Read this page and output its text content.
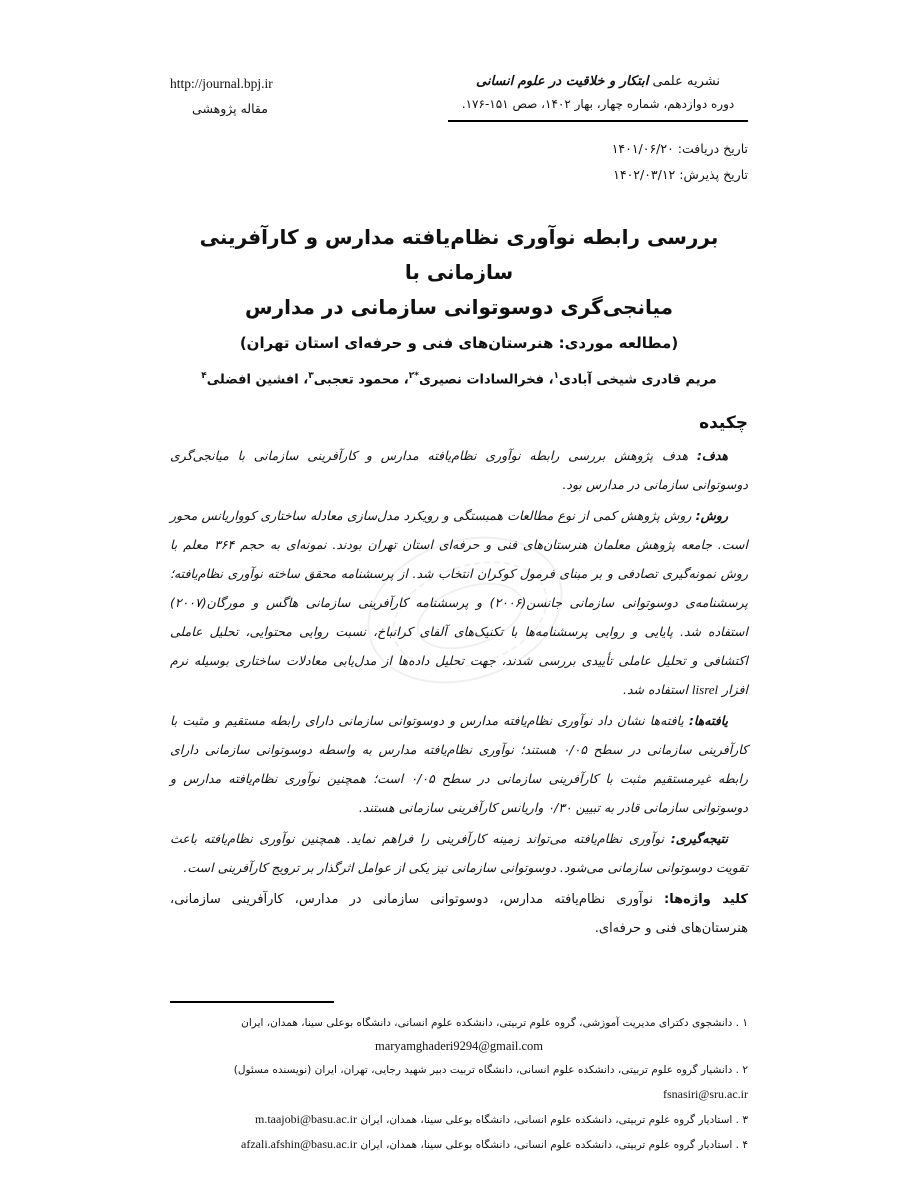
http://journal.bpj.ir
مقاله پژوهشی
نشریه علمی ابتکار و خلاقیت در علوم انسانی
دوره دوازدهم، شماره چهار، بهار ۱۴۰۲، صص ۱۵۱-۱۷۶.
تاریخ دریافت: ۱۴۰۱/۰۶/۲۰
تاریخ پذیرش: ۱۴۰۲/۰۳/۱۲
بررسی رابطه نوآوری نظام‌یافته مدارس و کارآفرینی سازمانی با
میانجی‌گری دوسوتوانی سازمانی در مدارس
(مطالعه موردی: هنرستان‌های فنی و حرفه‌ای استان تهران)
مریم قادری شیخی آبادی$^۱$، فخرالسادات نصیری$^{*۲}$، محمود تعجبی$^۳$، افشین افضلی$^۴$
چکیده
هدف: هدف پژوهش بررسی رابطه نوآوری نظام‌یافته مدارس و کارآفرینی سازمانی با میانجی‌گری دوسوتوانی سازمانی در مدارس بود.
روش: روش پژوهش کمی از نوع مطالعات همبستگی و رویکرد مدل‌سازی معادله ساختاری کوواریانس محور است. جامعه پژوهش معلمان هنرستان‌های فنی و حرفه‌ای استان تهران بودند. نمونه‌ای به حجم ۳۶۴ معلم با روش نمونه‌گیری تصادفی و بر مبنای فرمول کوکران انتخاب شد. از پرسشنامه محقق ساخته نوآوری نظام‌یافته؛ پرسشنامه‌ی دوسوتوانی سازمانی جانسن(۲۰۰۶) و پرسشنامه کارآفرینی سازمانی هاگس و مورگان(۲۰۰۷) استفاده شد. پایایی و روایی پرسشنامه‌ها با تکنیک‌های آلفای کرانباخ، نسبت روایی محتوایی، تحلیل عاملی اکتشافی و تحلیل عاملی تأییدی بررسی شدند، جهت تحلیل داده‌ها از مدل‌یابی معادلات ساختاری بوسیله نرم افزار lisrel استفاده شد.
یافته‌ها: یافته‌ها نشان داد نوآوری نظام‌یافته مدارس و دوسوتوانی سازمانی دارای رابطه مستقیم و مثبت با کارآفرینی سازمانی در سطح ۰/۰۵ هستند؛ نوآوری نظام‌یافته مدارس به واسطه دوسوتوانی سازمانی دارای رابطه غیرمستقیم مثبت با کارآفرینی سازمانی در سطح ۰/۰۵ است؛ همچنین نوآوری نظام‌یافته مدارس و دوسوتوانی سازمانی قادر به تبیین ۰/۳۰ واریانس کارآفرینی سازمانی هستند.
نتیجه‌گیری: نوآوری نظام‌یافته می‌تواند زمینه کارآفرینی را فراهم نماید. همچنین نوآوری نظام‌یافته باعث تقویت دوسوتوانی سازمانی می‌شود. دوسوتوانی سازمانی نیز یکی از عوامل اثرگذار بر ترویج کارآفرینی است.
کلید واژه‌ها: نوآوری نظام‌یافته مدارس، دوسوتوانی سازمانی در مدارس، کارآفرینی سازمانی، هنرستان‌های فنی و حرفه‌ای.
۱ . دانشجوی دکترای مدیریت آموزشی، گروه علوم تربیتی، دانشکده علوم انسانی، دانشگاه بوعلی سینا، همدان، ایران
maryamghaderi9294@gmail.com
۲ . دانشیار گروه علوم تربیتی، دانشکده علوم انسانی، دانشگاه تربیت دبیر شهید رجایی، تهران، ایران (نویسنده مسئول) fsnasiri@sru.ac.ir
۳ . استادیار گروه علوم تربیتی، دانشکده علوم انسانی، دانشگاه بوعلی سینا، همدان، ایران m.taajobi@basu.ac.ir
۴ . استادیار گروه علوم تربیتی، دانشکده علوم انسانی، دانشگاه بوعلی سینا، همدان، ایران afzali.afshin@basu.ac.ir
